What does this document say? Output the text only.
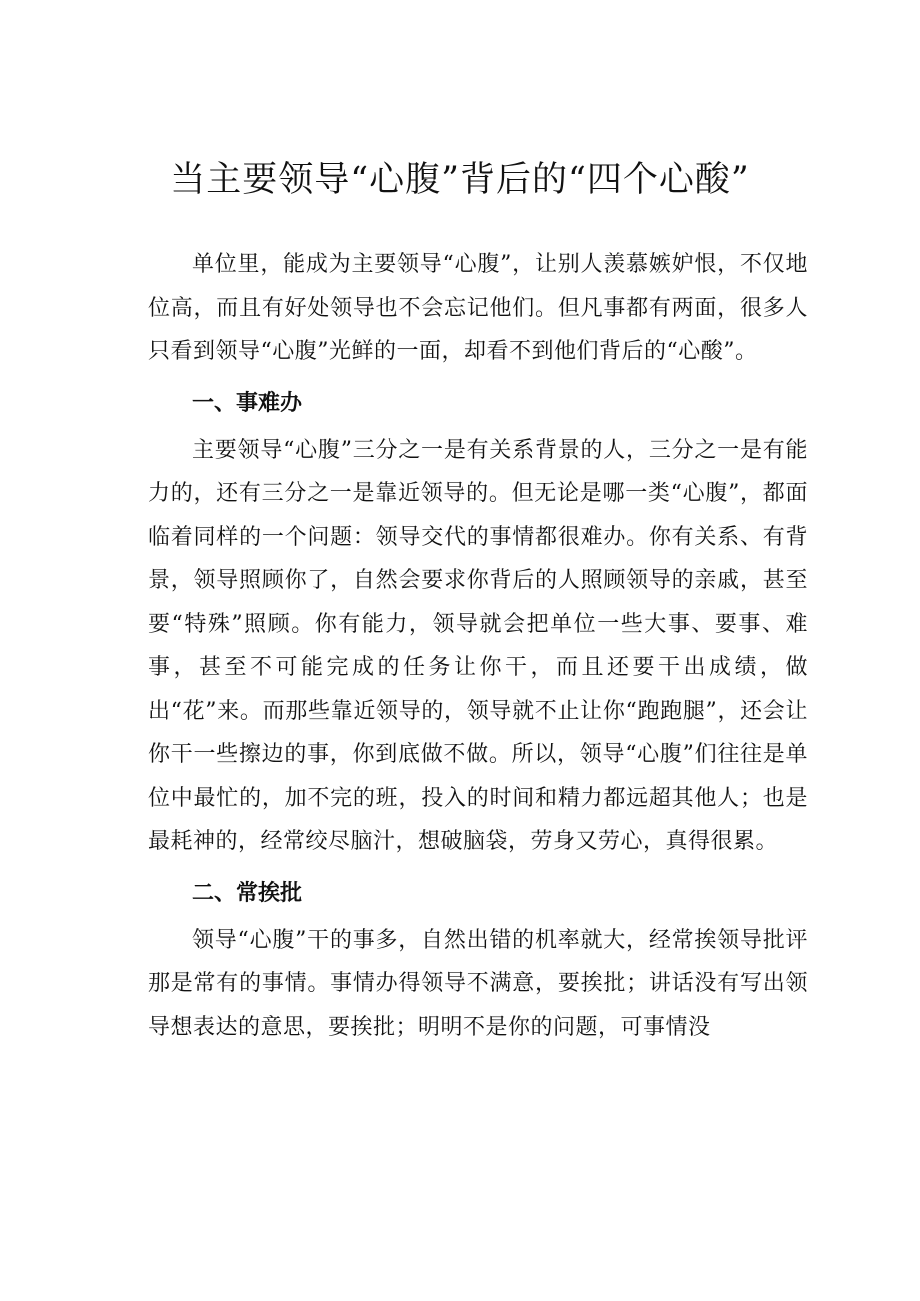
当主要领导“心腹”背后的“四个心酸”

单位里，能成为主要领导“心腹”，让别人羡慕嫉妒恨，不仅地位高，而且有好处领导也不会忘记他们。但凡事都有两面，很多人只看到领导“心腹”光鲜的一面，却看不到他们背后的“心酸”。

一、事难办

主要领导“心腹”三分之一是有关系背景的人，三分之一是有能力的，还有三分之一是靠近领导的。但无论是哪一类“心腹”，都面临着同样的一个问题：领导交代的事情都很难办。你有关系、有背景，领导照顾你了，自然会要求你背后的人照顾领导的亲戚，甚至要“特殊”照顾。你有能力，领导就会把单位一些大事、要事、难事，甚至不可能完成的任务让你干，而且还要干出成绩，做出“花”来。而那些靠近领导的，领导就不止让你“跑跑腿”，还会让你干一些擦边的事，你到底做不做。所以，领导“心腹”们往往是单位中最忙的，加不完的班，投入的时间和精力都远超其他人；也是最耗神的，经常绞尽脑汁，想破脑袋，劳身又劳心，真得很累。

二、常挨批

领导“心腹”干的事多，自然出错的机率就大，经常挨领导批评那是常有的事情。事情办得领导不满意，要挨批；讲话没有写出领导想表达的意思，要挨批；明明不是你的问题，可事情没
